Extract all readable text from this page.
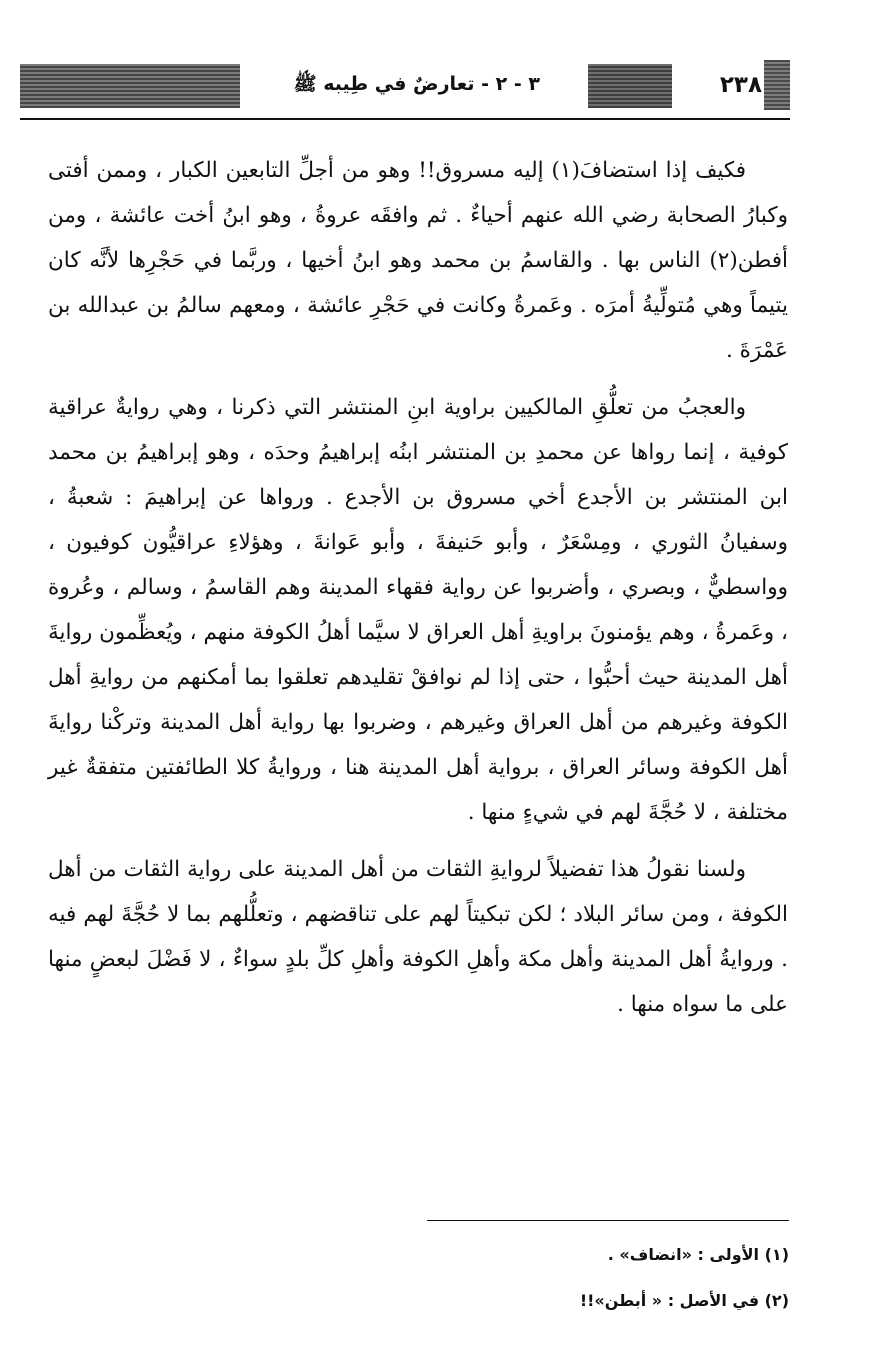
٢٣٨
٣ - ٢ - تعارضٌ في طِيبه ﷺ

فكيف إذا استضافَ(١) إليه مسروق!! وهو من أجلِّ التابعين الكبار ، وممن أفتى وكبارُ الصحابة رضي الله عنهم أحياءٌ . ثم وافقَه عروةُ ، وهو ابنُ أخت عائشة ، ومن أفطن(٢) الناس بها . والقاسمُ بن محمد وهو ابنُ أخيها ، وربَّما في حَجْرِها لأنَّه كان يتيماً وهي مُتولِّيةُ أمرَه . وعَمرةُ وكانت في حَجْرِ عائشة ، ومعهم سالمُ بن عبدالله بن عَمْرَةَ .

والعجبُ من تعلُّقِ المالكيين براوية ابنِ المنتشر التي ذكرنا ، وهي روايةٌ عراقية كوفية ، إنما رواها عن محمدِ بن المنتشر ابنُه إبراهيمُ وحدَه ، وهو إبراهيمُ بن محمد ابن المنتشر بن الأجدع أخي مسروق بن الأجدع . ورواها عن إبراهيمَ : شعبةُ ، وسفيانُ الثوري ، ومِسْعَرٌ ، وأبو حَنيفةَ ، وأبو عَوانةَ ، وهؤلاءِ عراقيُّون كوفيون ، وواسطيٌّ ، وبصري ، وأضربوا عن رواية فقهاء المدينة وهم القاسمُ ، وسالم ، وعُروة ، وعَمرةُ ، وهم يؤمنونَ براويةِ أهل العراق لا سيَّما أهلُ الكوفة منهم ، ويُعظِّمون روايةَ أهل المدينة حيث أحبُّوا ، حتى إذا لم نوافقْ تقليدهم تعلقوا بما أمكنهم من روايةِ أهل الكوفة وغيرهم من أهل العراق وغيرهم ، وضربوا بها رواية أهل المدينة وتركْنا روايةَ أهل الكوفة وسائر العراق ، برواية أهل المدينة هنا ، وروايةُ كلا الطائفتين متفقةٌ غير مختلفة ، لا حُجَّةَ لهم في شيءٍ منها .

ولسنا نقولُ هذا تفضيلاً لروايةِ الثقات من أهل المدينة على رواية الثقات من أهل الكوفة ، ومن سائر البلاد ؛ لكن تبكيتاً لهم على تناقضهم ، وتعلُّلهم بما لا حُجَّةَ لهم فيه . وروايةُ أهل المدينة وأهل مكة وأهلِ الكوفة وأهلِ كلِّ بلدٍ سواءٌ ، لا فَضْلَ لبعضٍ منها على ما سواه منها .

(١) الأولى : «انضاف» .
(٢) في الأصل : « أبطن»!!
